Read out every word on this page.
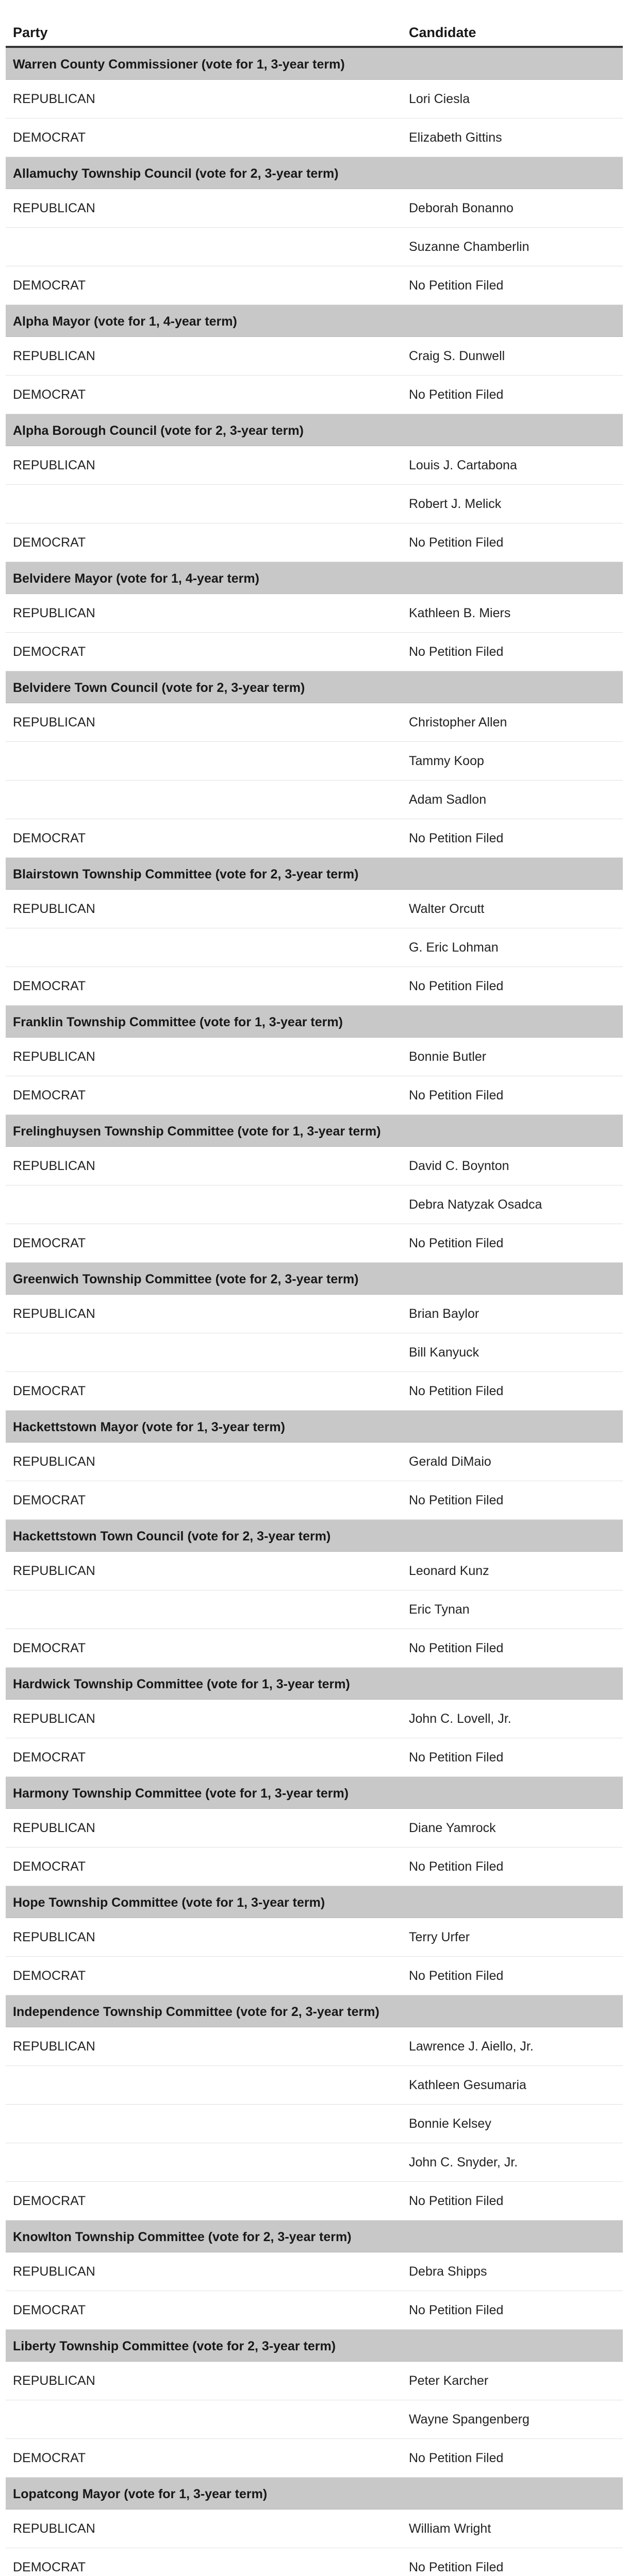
Party	Candidate

Warren County Commissioner (vote for 1, 3-year term)	

REPUBLICAN	Lori Ciesla
DEMOCRAT	Elizabeth Gittins

Allamuchy Township Council (vote for 2, 3-year term)	

REPUBLICAN	Deborah Bonanno
	Suzanne Chamberlin
DEMOCRAT	No Petition Filed

Alpha Mayor (vote for 1, 4-year term)	

REPUBLICAN	Craig S. Dunwell
DEMOCRAT	No Petition Filed

Alpha Borough Council (vote for 2, 3-year term)	

REPUBLICAN	Louis J. Cartabona
	Robert J. Melick
DEMOCRAT	No Petition Filed

Belvidere Mayor (vote for 1, 4-year term)	

REPUBLICAN	Kathleen B. Miers
DEMOCRAT	No Petition Filed

Belvidere Town Council (vote for 2, 3-year term)	

REPUBLICAN	Christopher Allen
	Tammy Koop
	Adam Sadlon
DEMOCRAT	No Petition Filed

Blairstown Township Committee (vote for 2, 3-year term)	

REPUBLICAN	Walter Orcutt
	G. Eric Lohman
DEMOCRAT	No Petition Filed

Franklin Township Committee (vote for 1, 3-year term)	

REPUBLICAN	Bonnie Butler
DEMOCRAT	No Petition Filed

Frelinghuysen Township Committee (vote for 1, 3-year term)	

REPUBLICAN	David C. Boynton
	Debra Natyzak Osadca
DEMOCRAT	No Petition Filed

Greenwich Township Committee (vote for 2, 3-year term)	

REPUBLICAN	Brian Baylor
	Bill Kanyuck
DEMOCRAT	No Petition Filed

Hackettstown Mayor (vote for 1, 3-year term)	

REPUBLICAN	Gerald DiMaio
DEMOCRAT	No Petition Filed

Hackettstown Town Council (vote for 2, 3-year term)	

REPUBLICAN	Leonard Kunz
	Eric Tynan
DEMOCRAT	No Petition Filed

Hardwick Township Committee (vote for 1, 3-year term)	

REPUBLICAN	John C. Lovell, Jr.
DEMOCRAT	No Petition Filed

Harmony Township Committee (vote for 1, 3-year term)	

REPUBLICAN	Diane Yamrock
DEMOCRAT	No Petition Filed

Hope Township Committee (vote for 1, 3-year term)	

REPUBLICAN	Terry Urfer
DEMOCRAT	No Petition Filed

Independence Township Committee (vote for 2, 3-year term)	

REPUBLICAN	Lawrence J. Aiello, Jr.
	Kathleen Gesumaria
	Bonnie Kelsey
	John C. Snyder, Jr.
DEMOCRAT	No Petition Filed

Knowlton Township Committee (vote for 2, 3-year term)	

REPUBLICAN	Debra Shipps
DEMOCRAT	No Petition Filed

Liberty Township Committee (vote for 2, 3-year term)	

REPUBLICAN	Peter Karcher
	Wayne Spangenberg
DEMOCRAT	No Petition Filed

Lopatcong Mayor (vote for 1, 3-year term)	

REPUBLICAN	William Wright
DEMOCRAT	No Petition Filed
